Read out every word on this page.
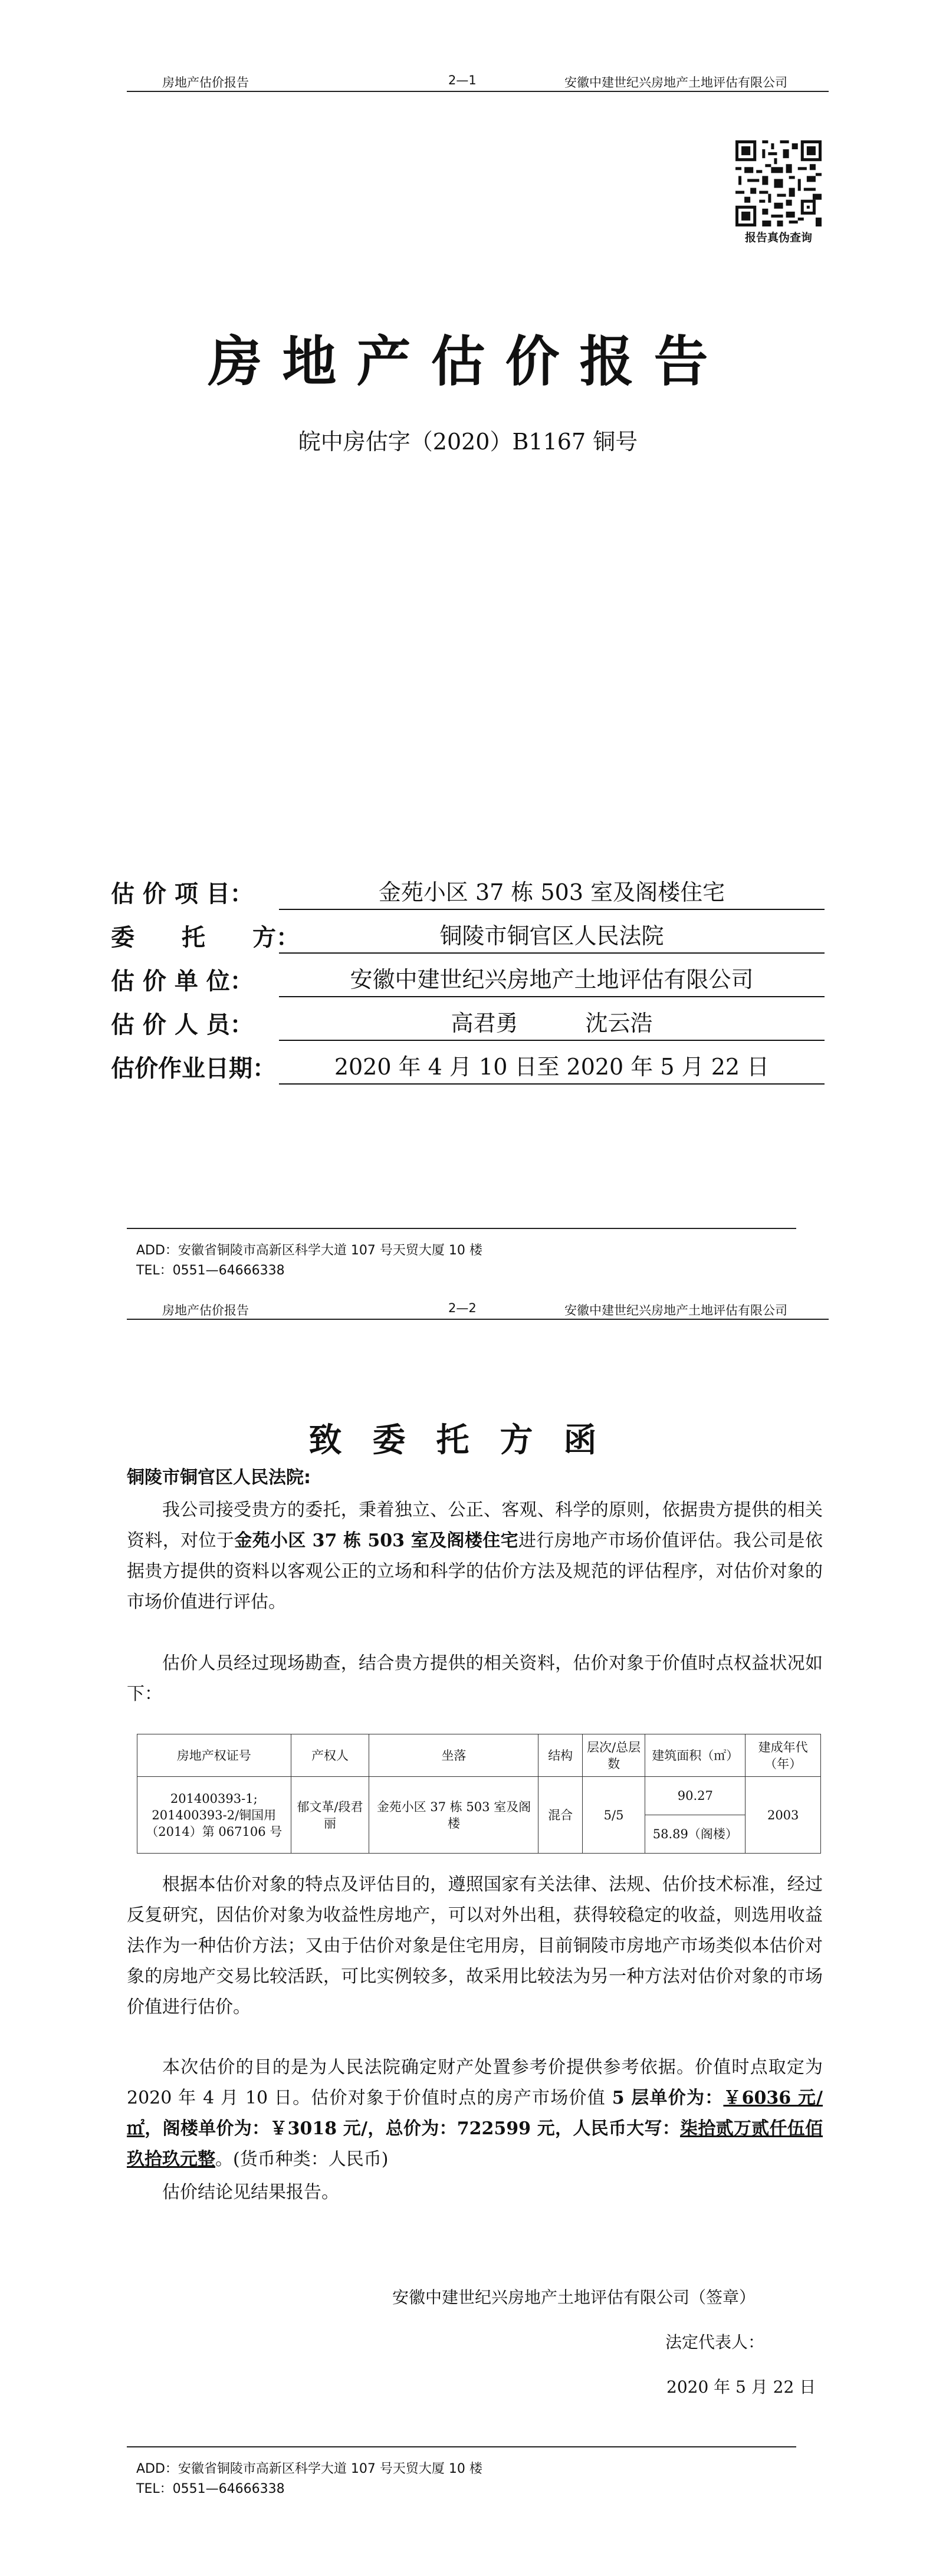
房地产估价报告	2—1	安徽中建世纪兴房地产土地评估有限公司
报告真伪查询
房地产估价报告
皖中房估字（2020）B1167 铜号
估 价 项 目：	金苑小区 37 栋 503 室及阁楼住宅
委　　托　　方：	铜陵市铜官区人民法院
估 价 单 位：	安徽中建世纪兴房地产土地评估有限公司
估 价 人 员：	高君勇　　　沈云浩
估价作业日期：	2020 年 4 月 10 日至 2020 年 5 月 22 日
ADD：安徽省铜陵市高新区科学大道 107 号天贸大厦 10 楼
TEL：0551—64666338
房地产估价报告	2—2	安徽中建世纪兴房地产土地评估有限公司
致委托方函
铜陵市铜官区人民法院:

我公司接受贵方的委托，秉着独立、公正、客观、科学的原则，依据贵方提供的相关资料，对位于金苑小区 37 栋 503 室及阁楼住宅进行房地产市场价值评估。我公司是依据贵方提供的资料以客观公正的立场和科学的估价方法及规范的评估程序，对估价对象的市场价值进行评估。

估价人员经过现场勘查，结合贵方提供的相关资料，估价对象于价值时点权益状况如下：

房地产权证号	产权人	坐落	结构	层次/总层数	建筑面积（㎡）	建成年代（年）
201400393-1;
201400393-2/铜国用（2014）第 067106 号	郁文革/段君丽	金苑小区 37 栋 503 室及阁楼	混合	5/5	90.27	2003
					58.89（阁楼）	

根据本估价对象的特点及评估目的，遵照国家有关法律、法规、估价技术标准，经过反复研究，因估价对象为收益性房地产，可以对外出租，获得较稳定的收益，则选用收益法作为一种估价方法；又由于估价对象是住宅用房，目前铜陵市房地产市场类似本估价对象的房地产交易比较活跃，可比实例较多，故采用比较法为另一种方法对估价对象的市场价值进行估价。

本次估价的目的是为人民法院确定财产处置参考价提供参考依据。价值时点取定为 2020 年 4 月 10 日。估价对象于价值时点的房产市场价值 5 层单价为：￥6036 元/㎡，阁楼单价为：￥3018 元/，总价为：722599 元，人民币大写：柒拾贰万贰仟伍佰玖拾玖元整。(货币种类：人民币)

估价结论见结果报告。

安徽中建世纪兴房地产土地评估有限公司（签章）
法定代表人：
2020 年 5 月 22 日
ADD：安徽省铜陵市高新区科学大道 107 号天贸大厦 10 楼
TEL：0551—64666338
